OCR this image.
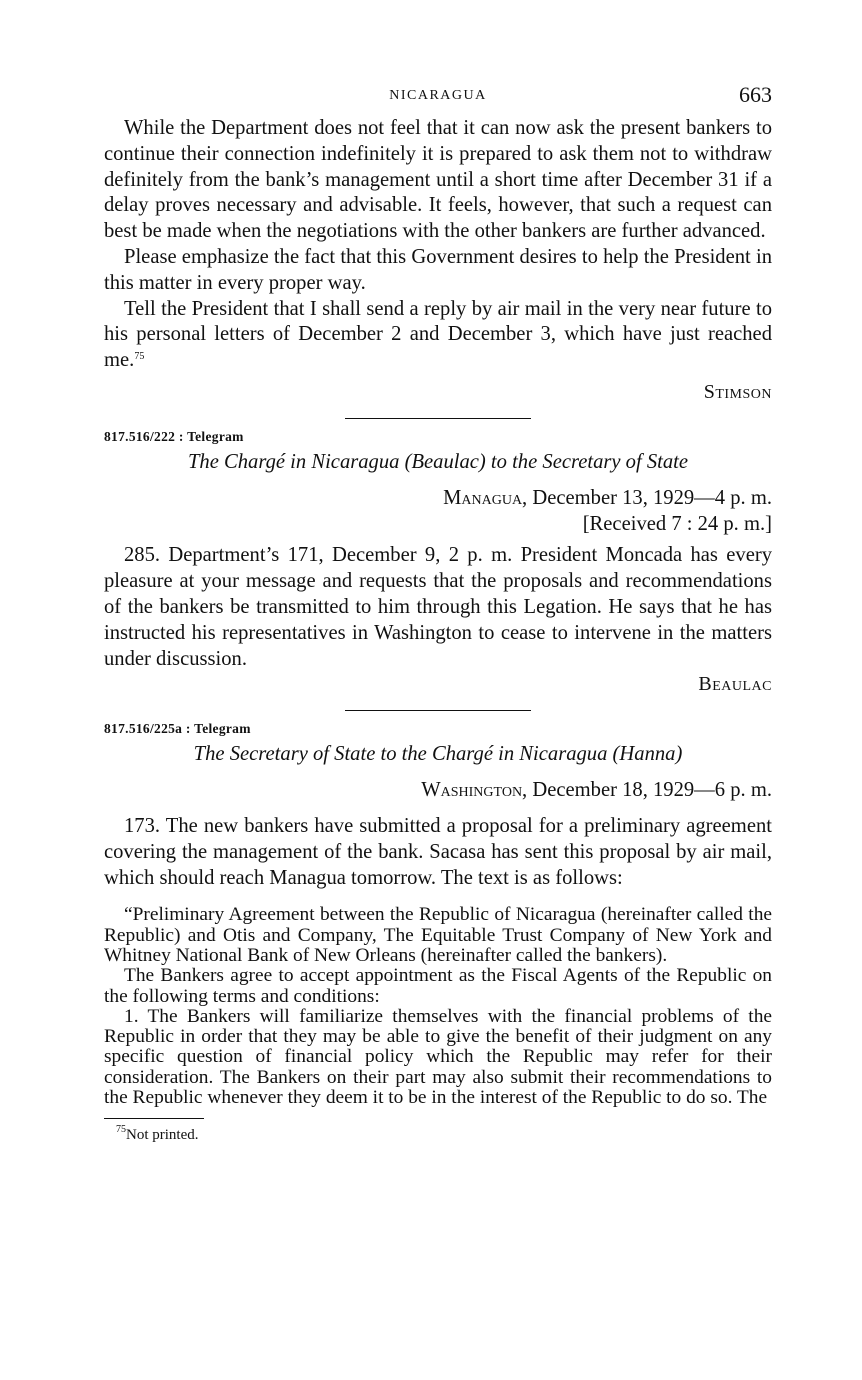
NICARAGUA	663

While the Department does not feel that it can now ask the present bankers to continue their connection indefinitely it is prepared to ask them not to withdraw definitely from the bank’s management until a short time after December 31 if a delay proves necessary and advisable. It feels, however, that such a request can best be made when the negotiations with the other bankers are further advanced.

Please emphasize the fact that this Government desires to help the President in this matter in every proper way.

Tell the President that I shall send a reply by air mail in the very near future to his personal letters of December 2 and December 3, which have just reached me.$^{75}$

Stimson
817.516/222 : Telegram
The Chargé in Nicaragua (Beaulac) to the Secretary of State
Managua, December 13, 1929—4 p. m.
[Received 7 : 24 p. m.]

285. Department’s 171, December 9, 2 p. m. President Moncada has every pleasure at your message and requests that the proposals and recommendations of the bankers be transmitted to him through this Legation. He says that he has instructed his representatives in Washington to cease to intervene in the matters under discussion.

Beaulac
817.516/225a : Telegram
The Secretary of State to the Chargé in Nicaragua (Hanna)
Washington, December 18, 1929—6 p. m.

173. The new bankers have submitted a proposal for a preliminary agreement covering the management of the bank. Sacasa has sent this proposal by air mail, which should reach Managua tomorrow. The text is as follows:

“Preliminary Agreement between the Republic of Nicaragua (hereinafter called the Republic) and Otis and Company, The Equitable Trust Company of New York and Whitney National Bank of New Orleans (hereinafter called the bankers).

The Bankers agree to accept appointment as the Fiscal Agents of the Republic on the following terms and conditions:

1. The Bankers will familiarize themselves with the financial problems of the Republic in order that they may be able to give the benefit of their judgment on any specific question of financial policy which the Republic may refer for their consideration. The Bankers on their part may also submit their recommendations to the Republic whenever they deem it to be in the interest of the Republic to do so. The

$^{75}$Not printed.
